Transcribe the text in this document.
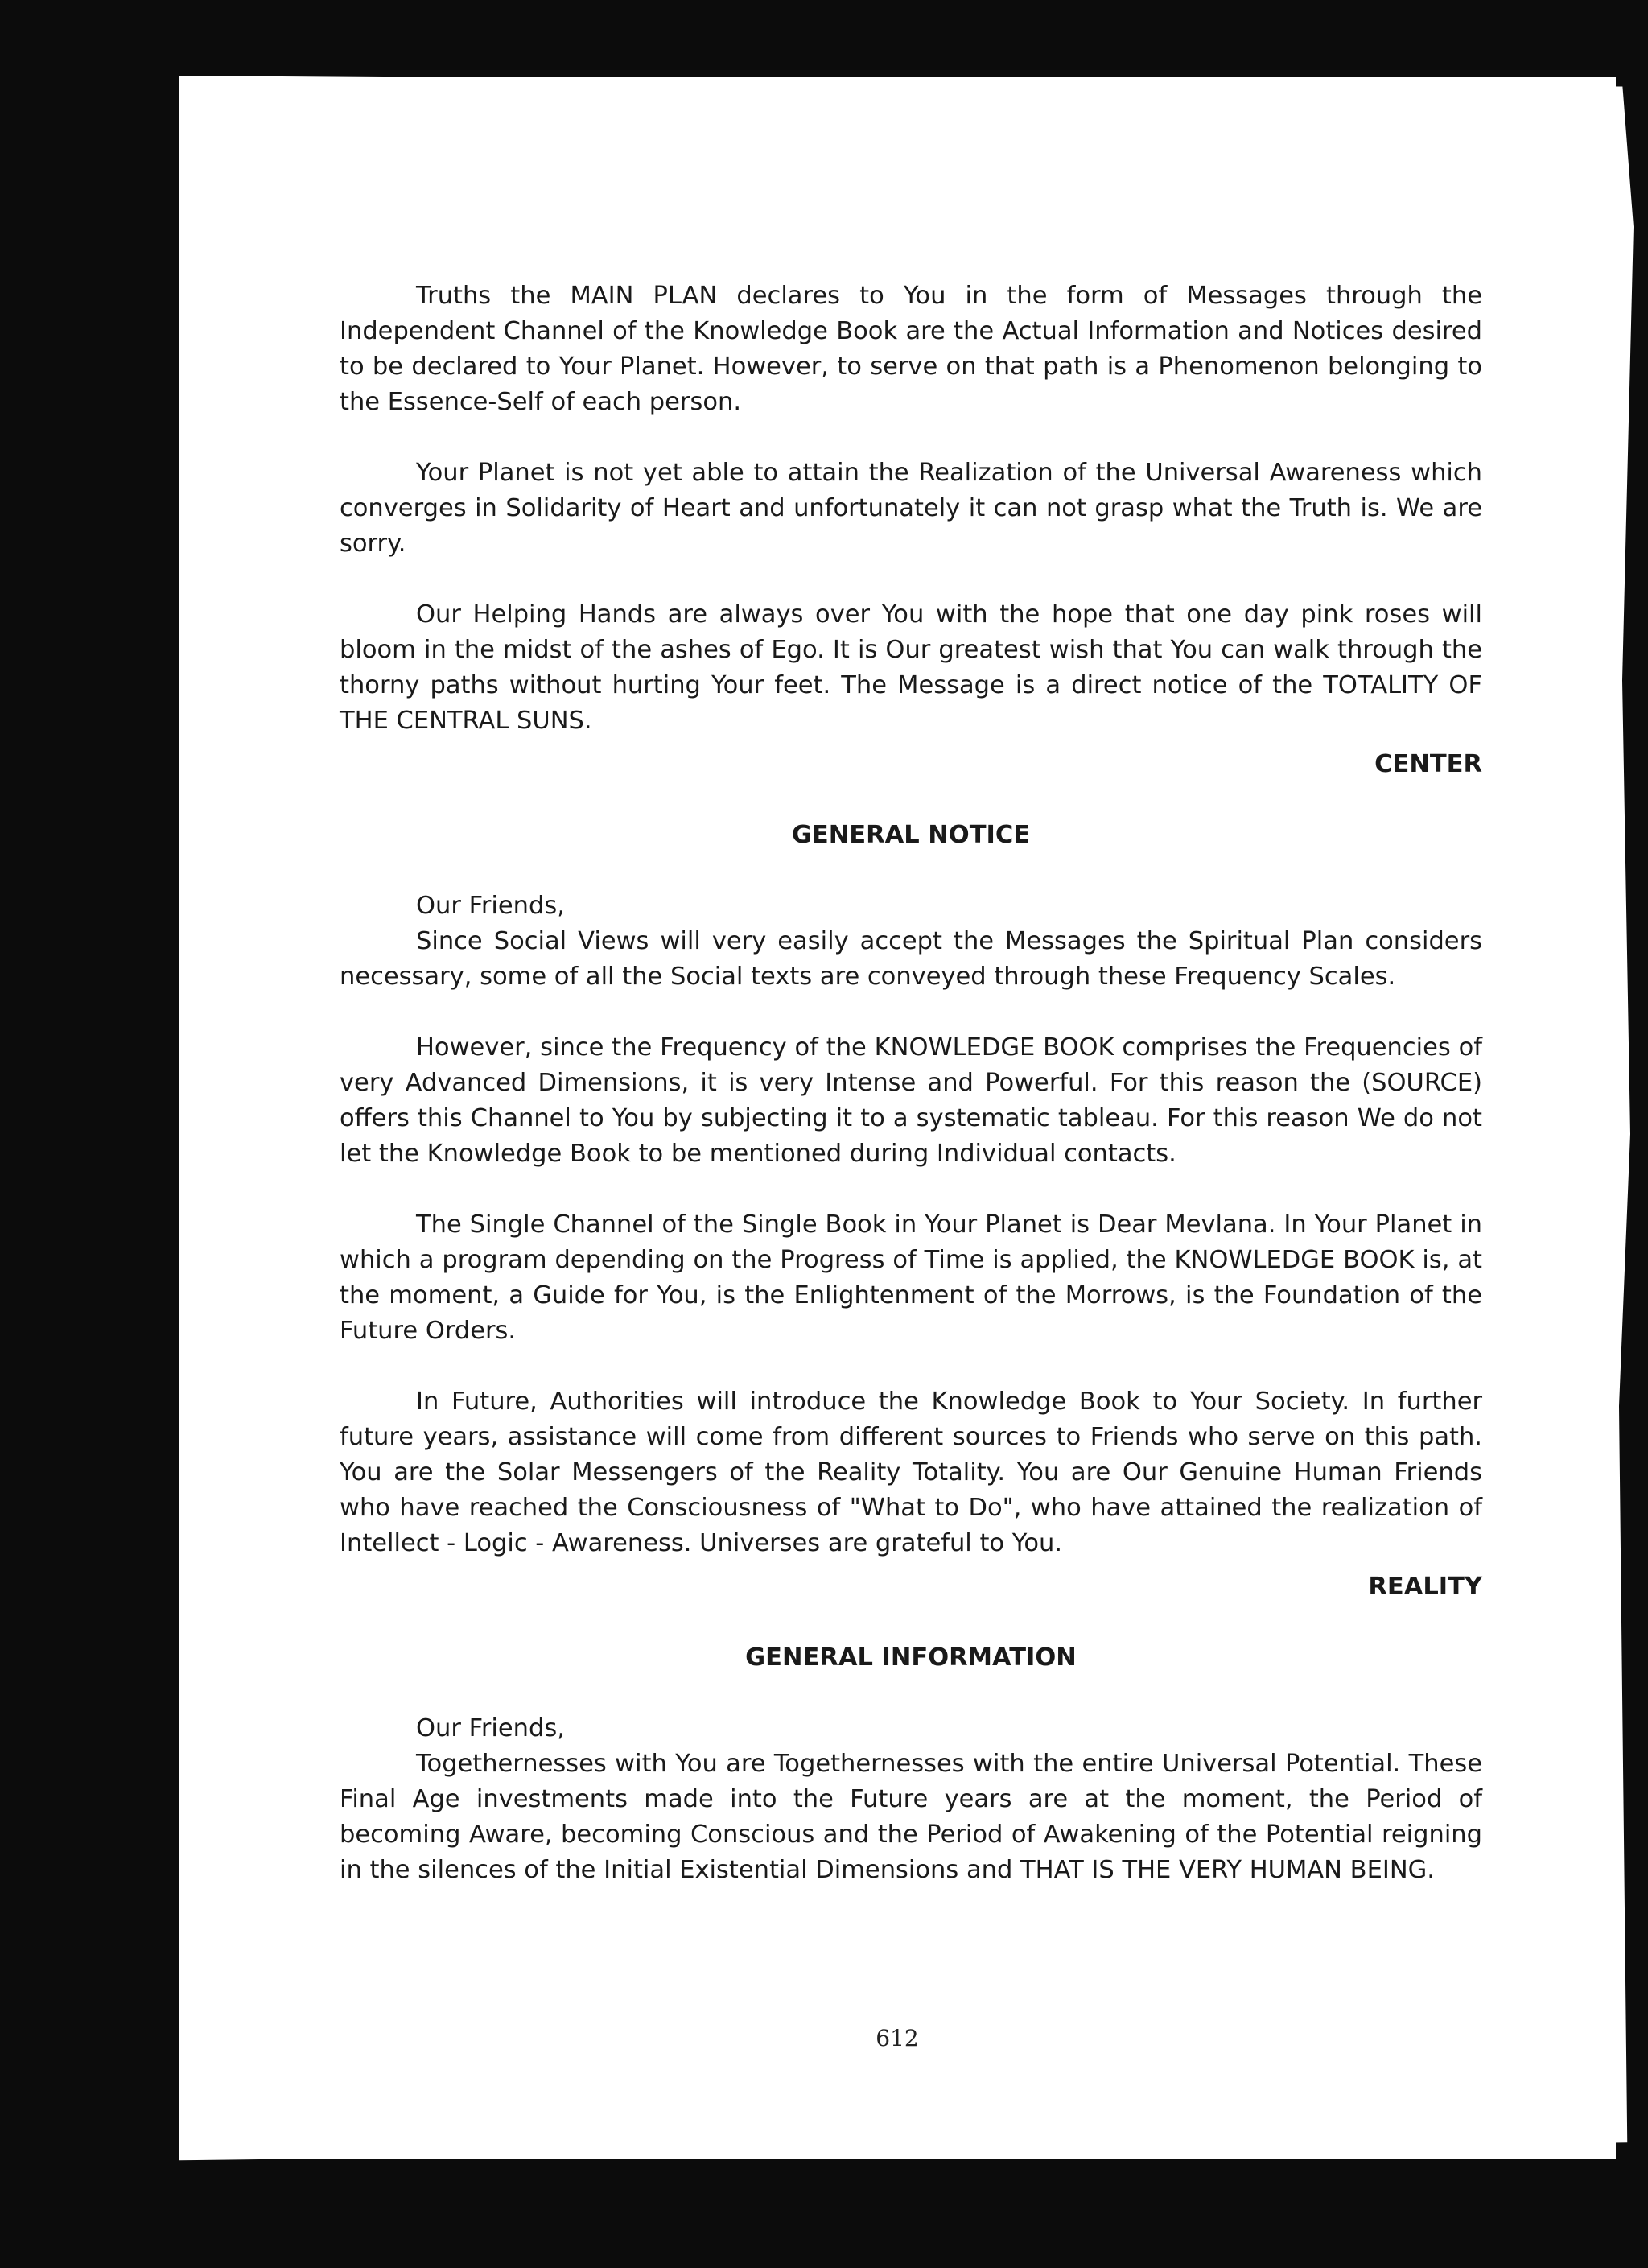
Truths the MAIN PLAN declares to You in the form of Messages through the Independent Channel of the Knowledge Book are the Actual Information and Notices desired to be declared to Your Planet. However, to serve on that path is a Phenomenon belonging to the Essence-Self of each person.

Your Planet is not yet able to attain the Realization of the Universal Awareness which converges in Solidarity of Heart and unfortunately it can not grasp what the Truth is. We are sorry.

Our Helping Hands are always over You with the hope that one day pink roses will bloom in the midst of the ashes of Ego. It is Our greatest wish that You can walk through the thorny paths without hurting Your feet. The Message is a direct notice of the TOTALITY OF THE CENTRAL SUNS.

CENTER
GENERAL NOTICE
Our Friends,

Since Social Views will very easily accept the Messages the Spiritual Plan considers necessary, some of all the Social texts are conveyed through these Frequency Scales.

However, since the Frequency of the KNOWLEDGE BOOK comprises the Frequencies of very Advanced Dimensions, it is very Intense and Powerful. For this reason the (SOURCE) offers this Channel to You by subjecting it to a systematic tableau. For this reason We do not let the Knowledge Book to be mentioned during Individual contacts.

The Single Channel of the Single Book in Your Planet is Dear Mevlana. In Your Planet in which a program depending on the Progress of Time is applied, the KNOWLEDGE BOOK is, at the moment, a Guide for You, is the Enlightenment of the Morrows, is the Foundation of the Future Orders.

In Future, Authorities will introduce the Knowledge Book to Your Society. In further future years, assistance will come from different sources to Friends who serve on this path. You are the Solar Messengers of the Reality Totality. You are Our Genuine Human Friends who have reached the Consciousness of "What to Do", who have attained the realization of Intellect - Logic - Awareness. Universes are grateful to You.

REALITY
GENERAL INFORMATION
Our Friends,

Togethernesses with You are Togethernesses with the entire Universal Potential. These Final Age investments made into the Future years are at the moment, the Period of becoming Aware, becoming Conscious and the Period of Awakening of the Potential reigning in the silences of the Initial Existential Dimensions and THAT IS THE VERY HUMAN BEING.

612
